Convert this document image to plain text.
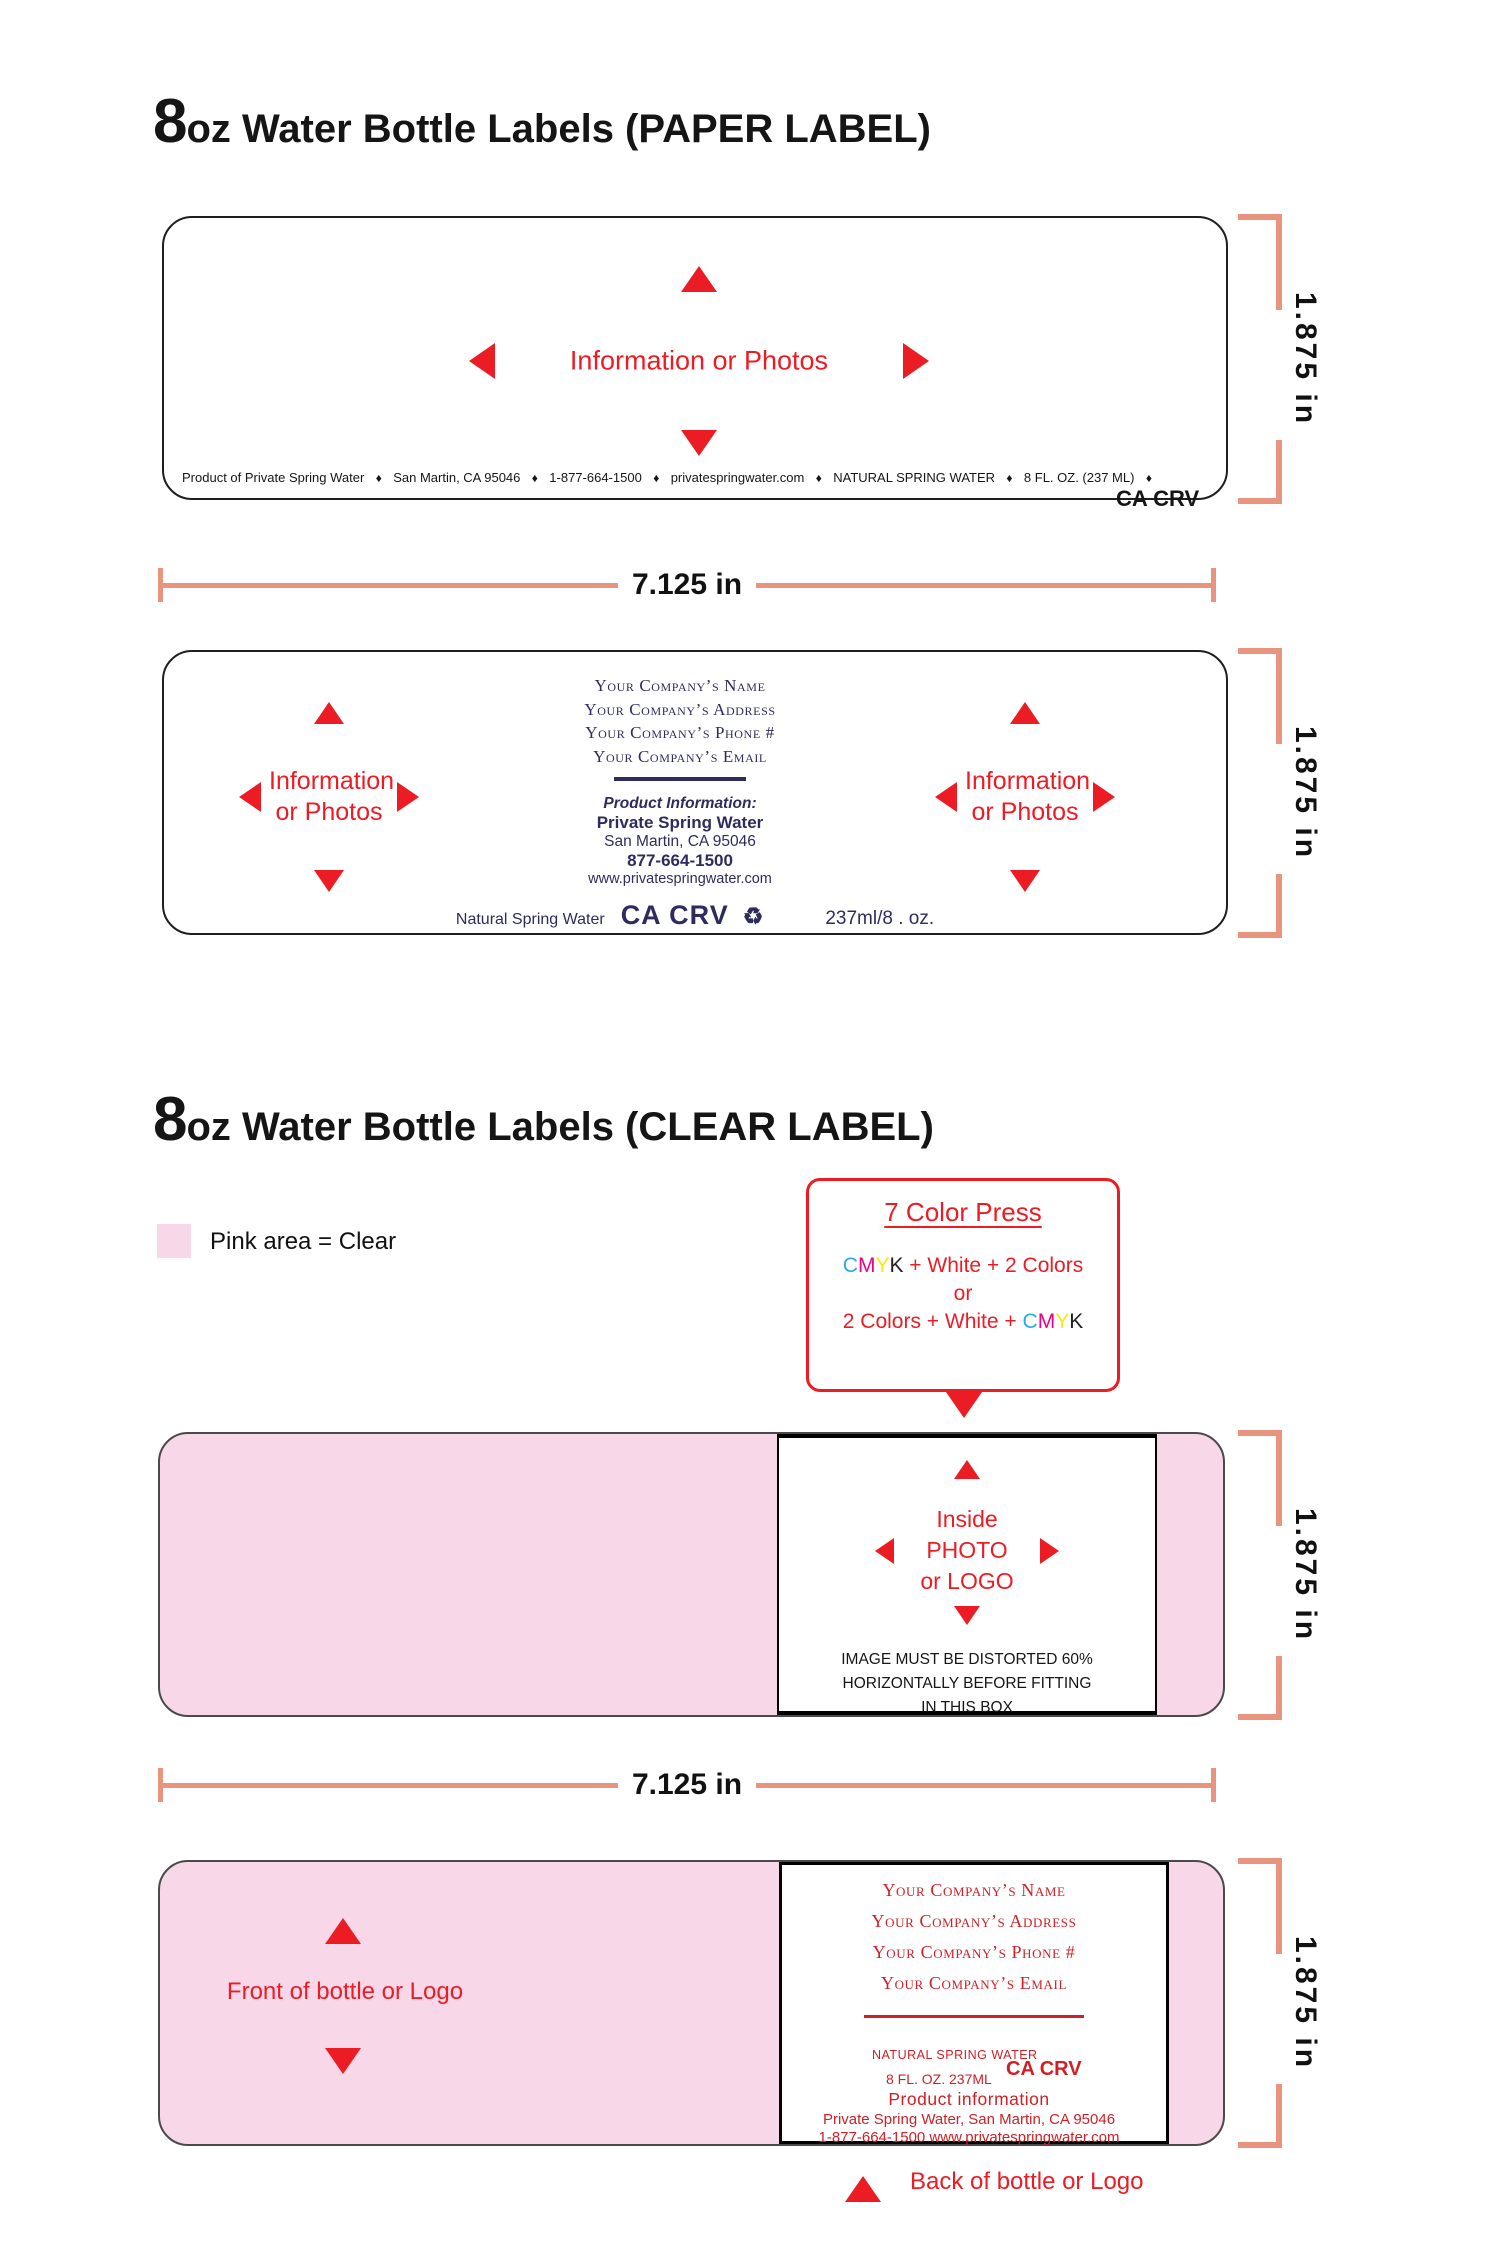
8 oz Water Bottle Labels (PAPER LABEL)
Information or Photos
Product of Private Spring Water ♦ San Martin, CA 95046 ♦ 1-877-664-1500 ♦ privatespringwater.com ♦ NATURAL SPRING WATER ♦ 8 FL. OZ. (237 ML) ♦
CA CRV
1.875 in
7.125 in
Information
or Photos
Your Company’s Name
Your Company’s Address
Your Company’s Phone #
Your Company’s Email
Product Information:
Private Spring Water
San Martin, CA 95046
877-664-1500
www.privatespringwater.com
Natural Spring Water CA CRV ♻	237ml/8 . oz.
Information
or Photos	1.875 in
8 oz Water Bottle Labels (CLEAR LABEL)
Pink area = Clear
7 Color Press
CMYK + White + 2 Colors
or
2 Colors + White + CMYK
Inside
PHOTO
or LOGO
IMAGE MUST BE DISTORTED 60%
HORIZONTALLY BEFORE FITTING
IN THIS BOX
1.875 in
7.125 in
Front of bottle or Logo
Your Company’s Name
Your Company’s Address
Your Company’s Phone #
Your Company’s Email
NATURAL SPRING WATER
8 FL. OZ. 237ML CA CRV
Product information
Private Spring Water, San Martin, CA 95046
1-877-664-1500 www.privatespringwater.com
1.875 in
Back of bottle or Logo
